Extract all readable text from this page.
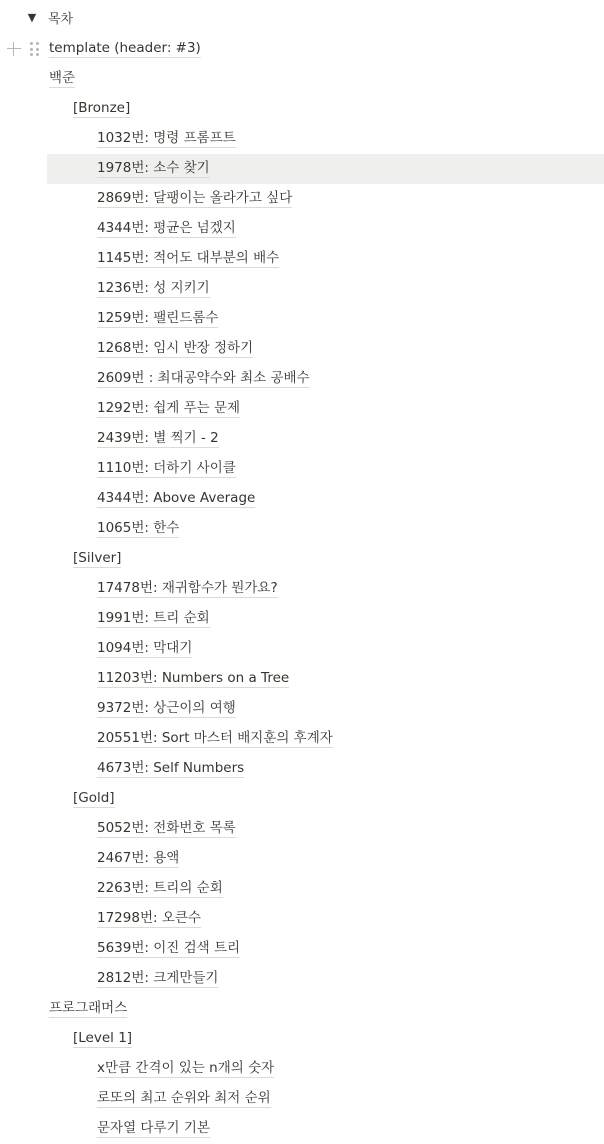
▼ 목차
template (header: #3)
백준
[Bronze]
1032번: 명령 프롬프트
1978번: 소수 찾기
2869번: 달팽이는 올라가고 싶다
4344번: 평균은 넘겠지
1145번: 적어도 대부분의 배수
1236번: 성 지키기
1259번: 팰린드롬수
1268번: 임시 반장 정하기
2609번 : 최대공약수와 최소 공배수
1292번: 쉽게 푸는 문제
2439번: 별 찍기 - 2
1110번: 더하기 사이클
4344번: Above Average
1065번: 한수
[Silver]
17478번: 재귀함수가 뭔가요?
1991번: 트리 순회
1094번: 막대기
11203번: Numbers on a Tree
9372번: 상근이의 여행
20551번: Sort 마스터 배지훈의 후계자
4673번: Self Numbers
[Gold]
5052번: 전화번호 목록
2467번: 용액
2263번: 트리의 순회
17298번: 오큰수
5639번: 이진 검색 트리
2812번: 크게만들기
프로그래머스
[Level 1]
x만큼 간격이 있는 n개의 숫자
로또의 최고 순위와 최저 순위
문자열 다루기 기본
